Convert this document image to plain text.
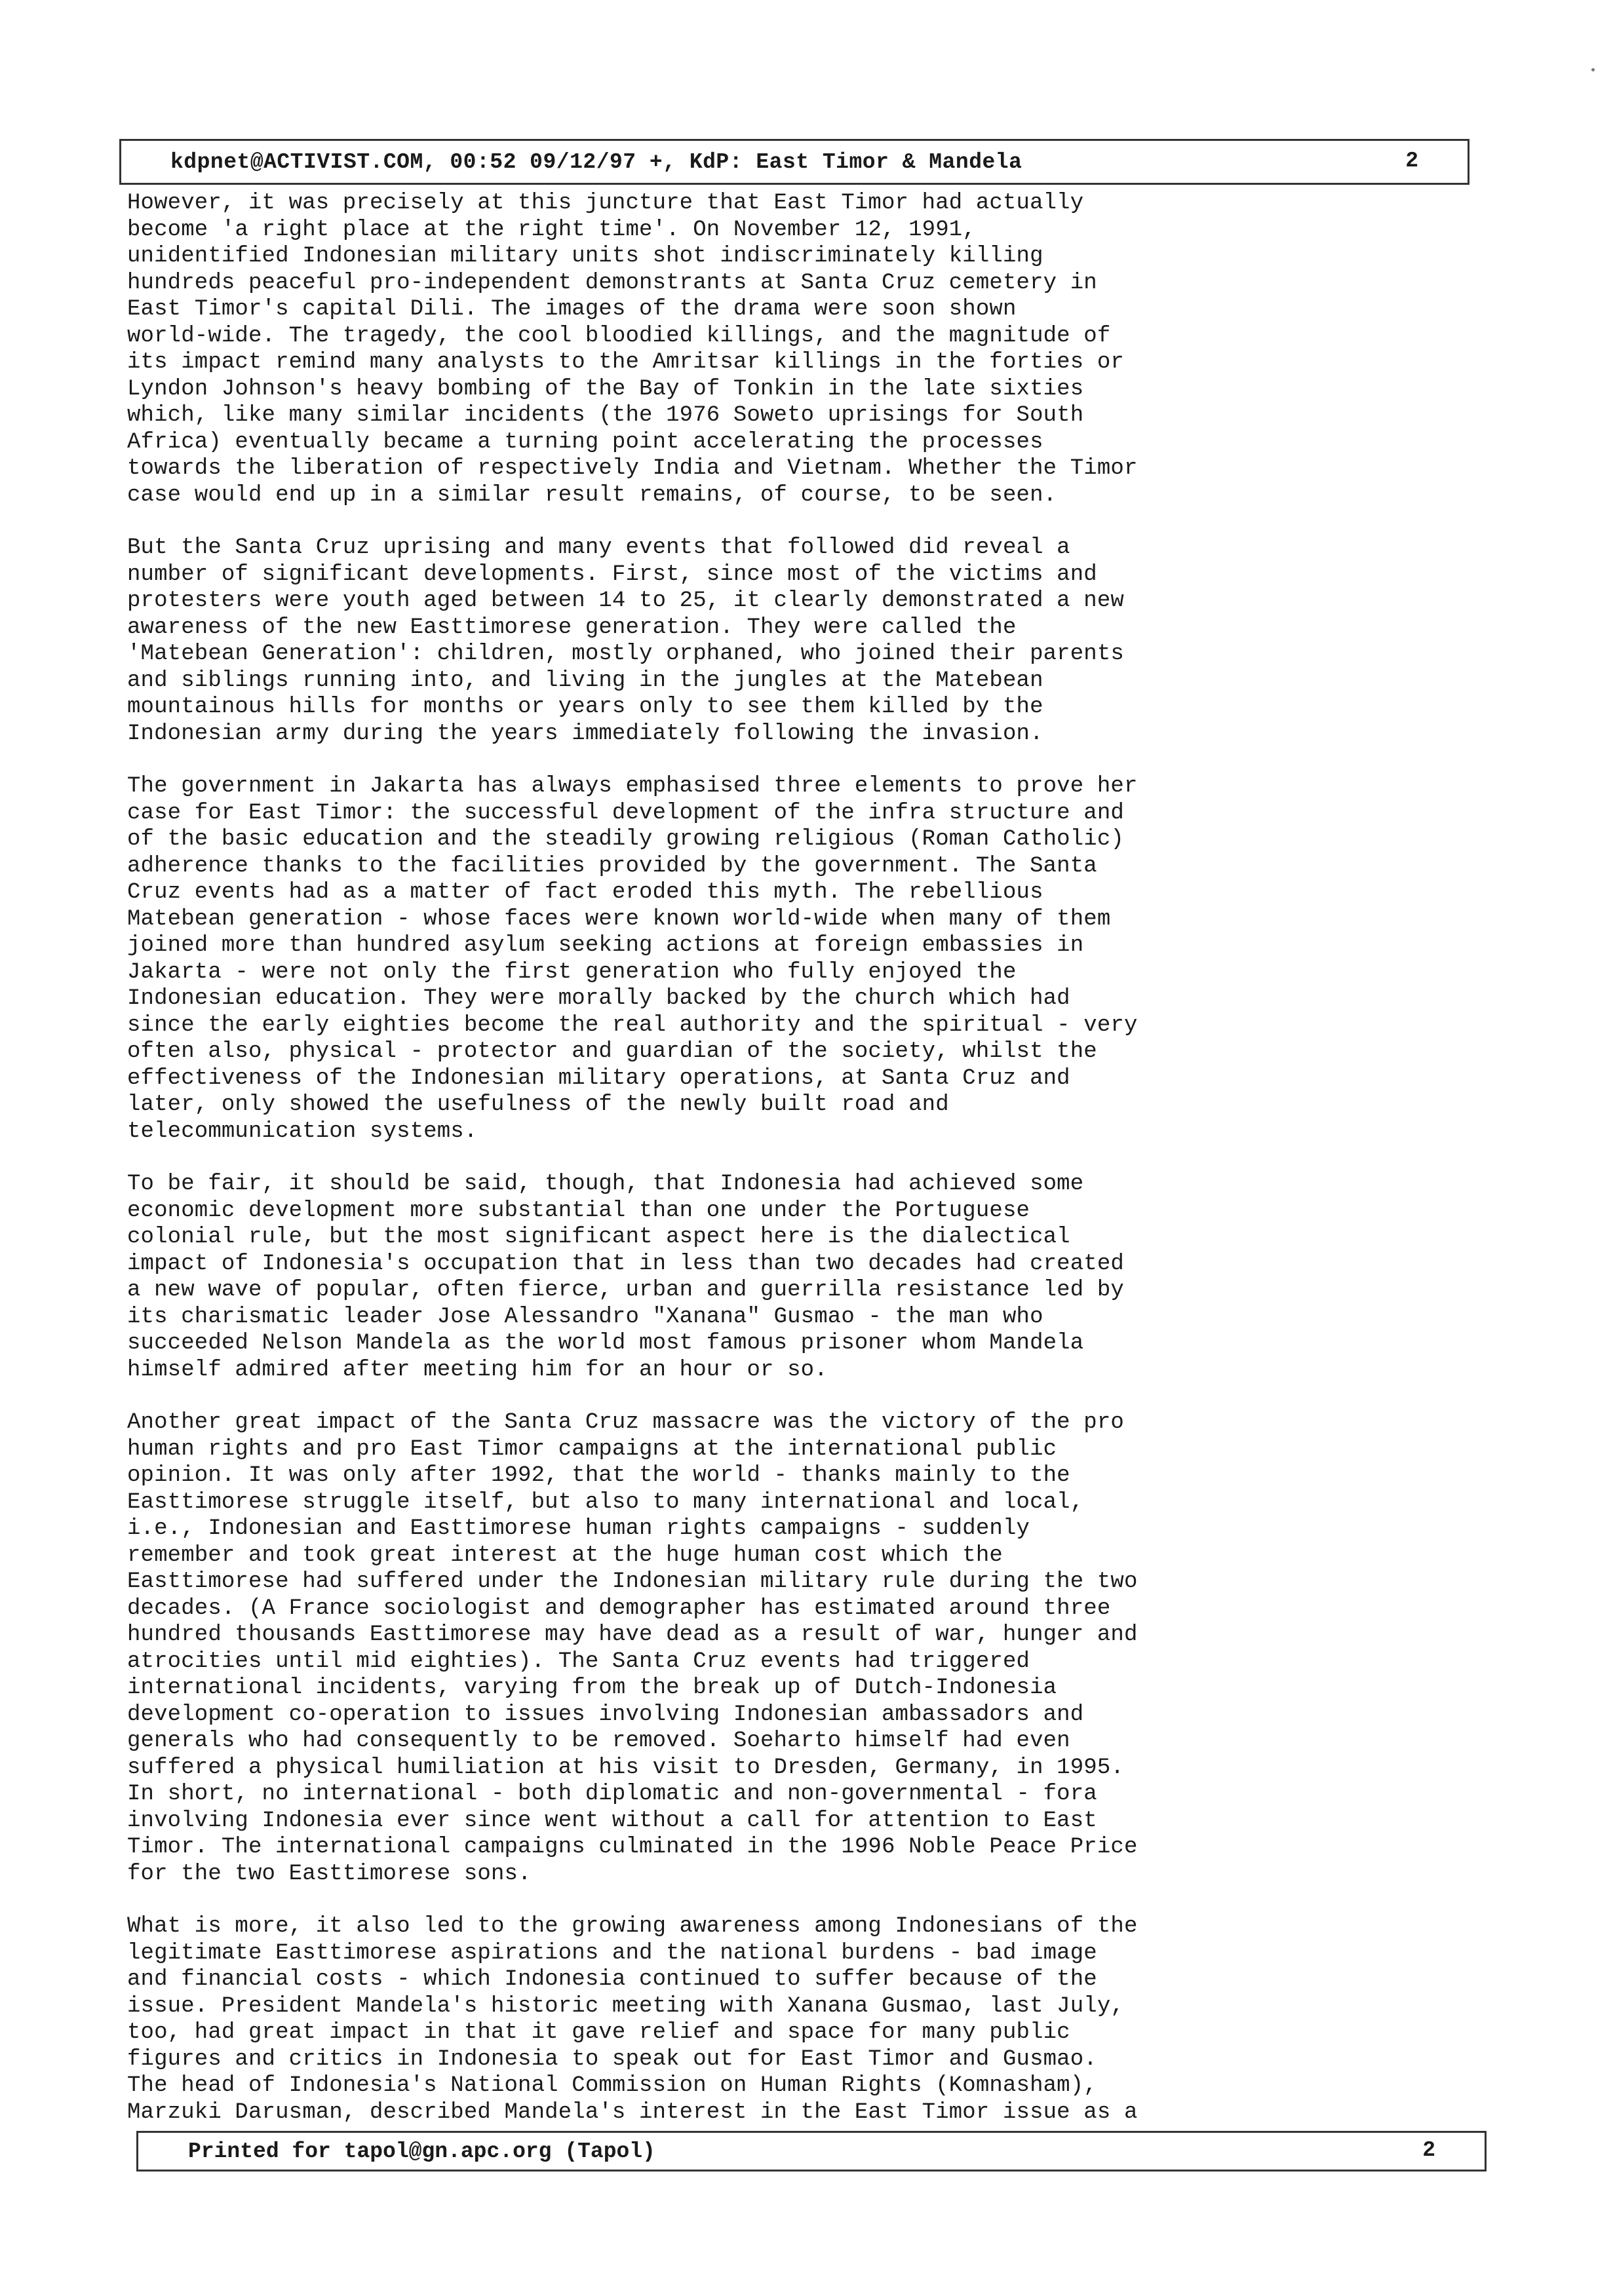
kdpnet@ACTIVIST.COM, 00:52 09/12/97 +, KdP: East Timor & Mandela	2

However, it was precisely at this juncture that East Timor had actually
become 'a right place at the right time'. On November 12, 1991,
unidentified Indonesian military units shot indiscriminately killing
hundreds peaceful pro-independent demonstrants at Santa Cruz cemetery in
East Timor's capital Dili. The images of the drama were soon shown
world-wide. The tragedy, the cool bloodied killings, and the magnitude of
its impact remind many analysts to the Amritsar killings in the forties or
Lyndon Johnson's heavy bombing of the Bay of Tonkin in the late sixties
which, like many similar incidents (the 1976 Soweto uprisings for South
Africa) eventually became a turning point accelerating the processes
towards the liberation of respectively India and Vietnam. Whether the Timor
case would end up in a similar result remains, of course, to be seen.

But the Santa Cruz uprising and many events that followed did reveal a
number of significant developments. First, since most of the victims and
protesters were youth aged between 14 to 25, it clearly demonstrated a new
awareness of the new Easttimorese generation. They were called the
'Matebean Generation': children, mostly orphaned, who joined their parents
and siblings running into, and living in the jungles at the Matebean
mountainous hills for months or years only to see them killed by the
Indonesian army during the years immediately following the invasion.

The government in Jakarta has always emphasised three elements to prove her
case for East Timor: the successful development of the infra structure and
of the basic education and the steadily growing religious (Roman Catholic)
adherence thanks to the facilities provided by the government. The Santa
Cruz events had as a matter of fact eroded this myth. The rebellious
Matebean generation - whose faces were known world-wide when many of them
joined more than hundred asylum seeking actions at foreign embassies in
Jakarta - were not only the first generation who fully enjoyed the
Indonesian education. They were morally backed by the church which had
since the early eighties become the real authority and the spiritual - very
often also, physical - protector and guardian of the society, whilst the
effectiveness of the Indonesian military operations, at Santa Cruz and
later, only showed the usefulness of the newly built road and
telecommunication systems.

To be fair, it should be said, though, that Indonesia had achieved some
economic development more substantial than one under the Portuguese
colonial rule, but the most significant aspect here is the dialectical
impact of Indonesia's occupation that in less than two decades had created
a new wave of popular, often fierce, urban and guerrilla resistance led by
its charismatic leader Jose Alessandro "Xanana" Gusmao - the man who
succeeded Nelson Mandela as the world most famous prisoner whom Mandela
himself admired after meeting him for an hour or so.

Another great impact of the Santa Cruz massacre was the victory of the pro
human rights and pro East Timor campaigns at the international public
opinion. It was only after 1992, that the world - thanks mainly to the
Easttimorese struggle itself, but also to many international and local,
i.e., Indonesian and Easttimorese human rights campaigns - suddenly
remember and took great interest at the huge human cost which the
Easttimorese had suffered under the Indonesian military rule during the two
decades. (A France sociologist and demographer has estimated around three
hundred thousands Easttimorese may have dead as a result of war, hunger and
atrocities until mid eighties). The Santa Cruz events had triggered
international incidents, varying from the break up of Dutch-Indonesia
development co-operation to issues involving Indonesian ambassadors and
generals who had consequently to be removed. Soeharto himself had even
suffered a physical humiliation at his visit to Dresden, Germany, in 1995.
In short, no international - both diplomatic and non-governmental - fora
involving Indonesia ever since went without a call for attention to East
Timor. The international campaigns culminated in the 1996 Noble Peace Price
for the two Easttimorese sons.

What is more, it also led to the growing awareness among Indonesians of the
legitimate Easttimorese aspirations and the national burdens - bad image
and financial costs - which Indonesia continued to suffer because of the
issue. President Mandela's historic meeting with Xanana Gusmao, last July,
too, had great impact in that it gave relief and space for many public
figures and critics in Indonesia to speak out for East Timor and Gusmao.
The head of Indonesia's National Commission on Human Rights (Komnasham),
Marzuki Darusman, described Mandela's interest in the East Timor issue as a

Printed for tapol@gn.apc.org (Tapol)	2
